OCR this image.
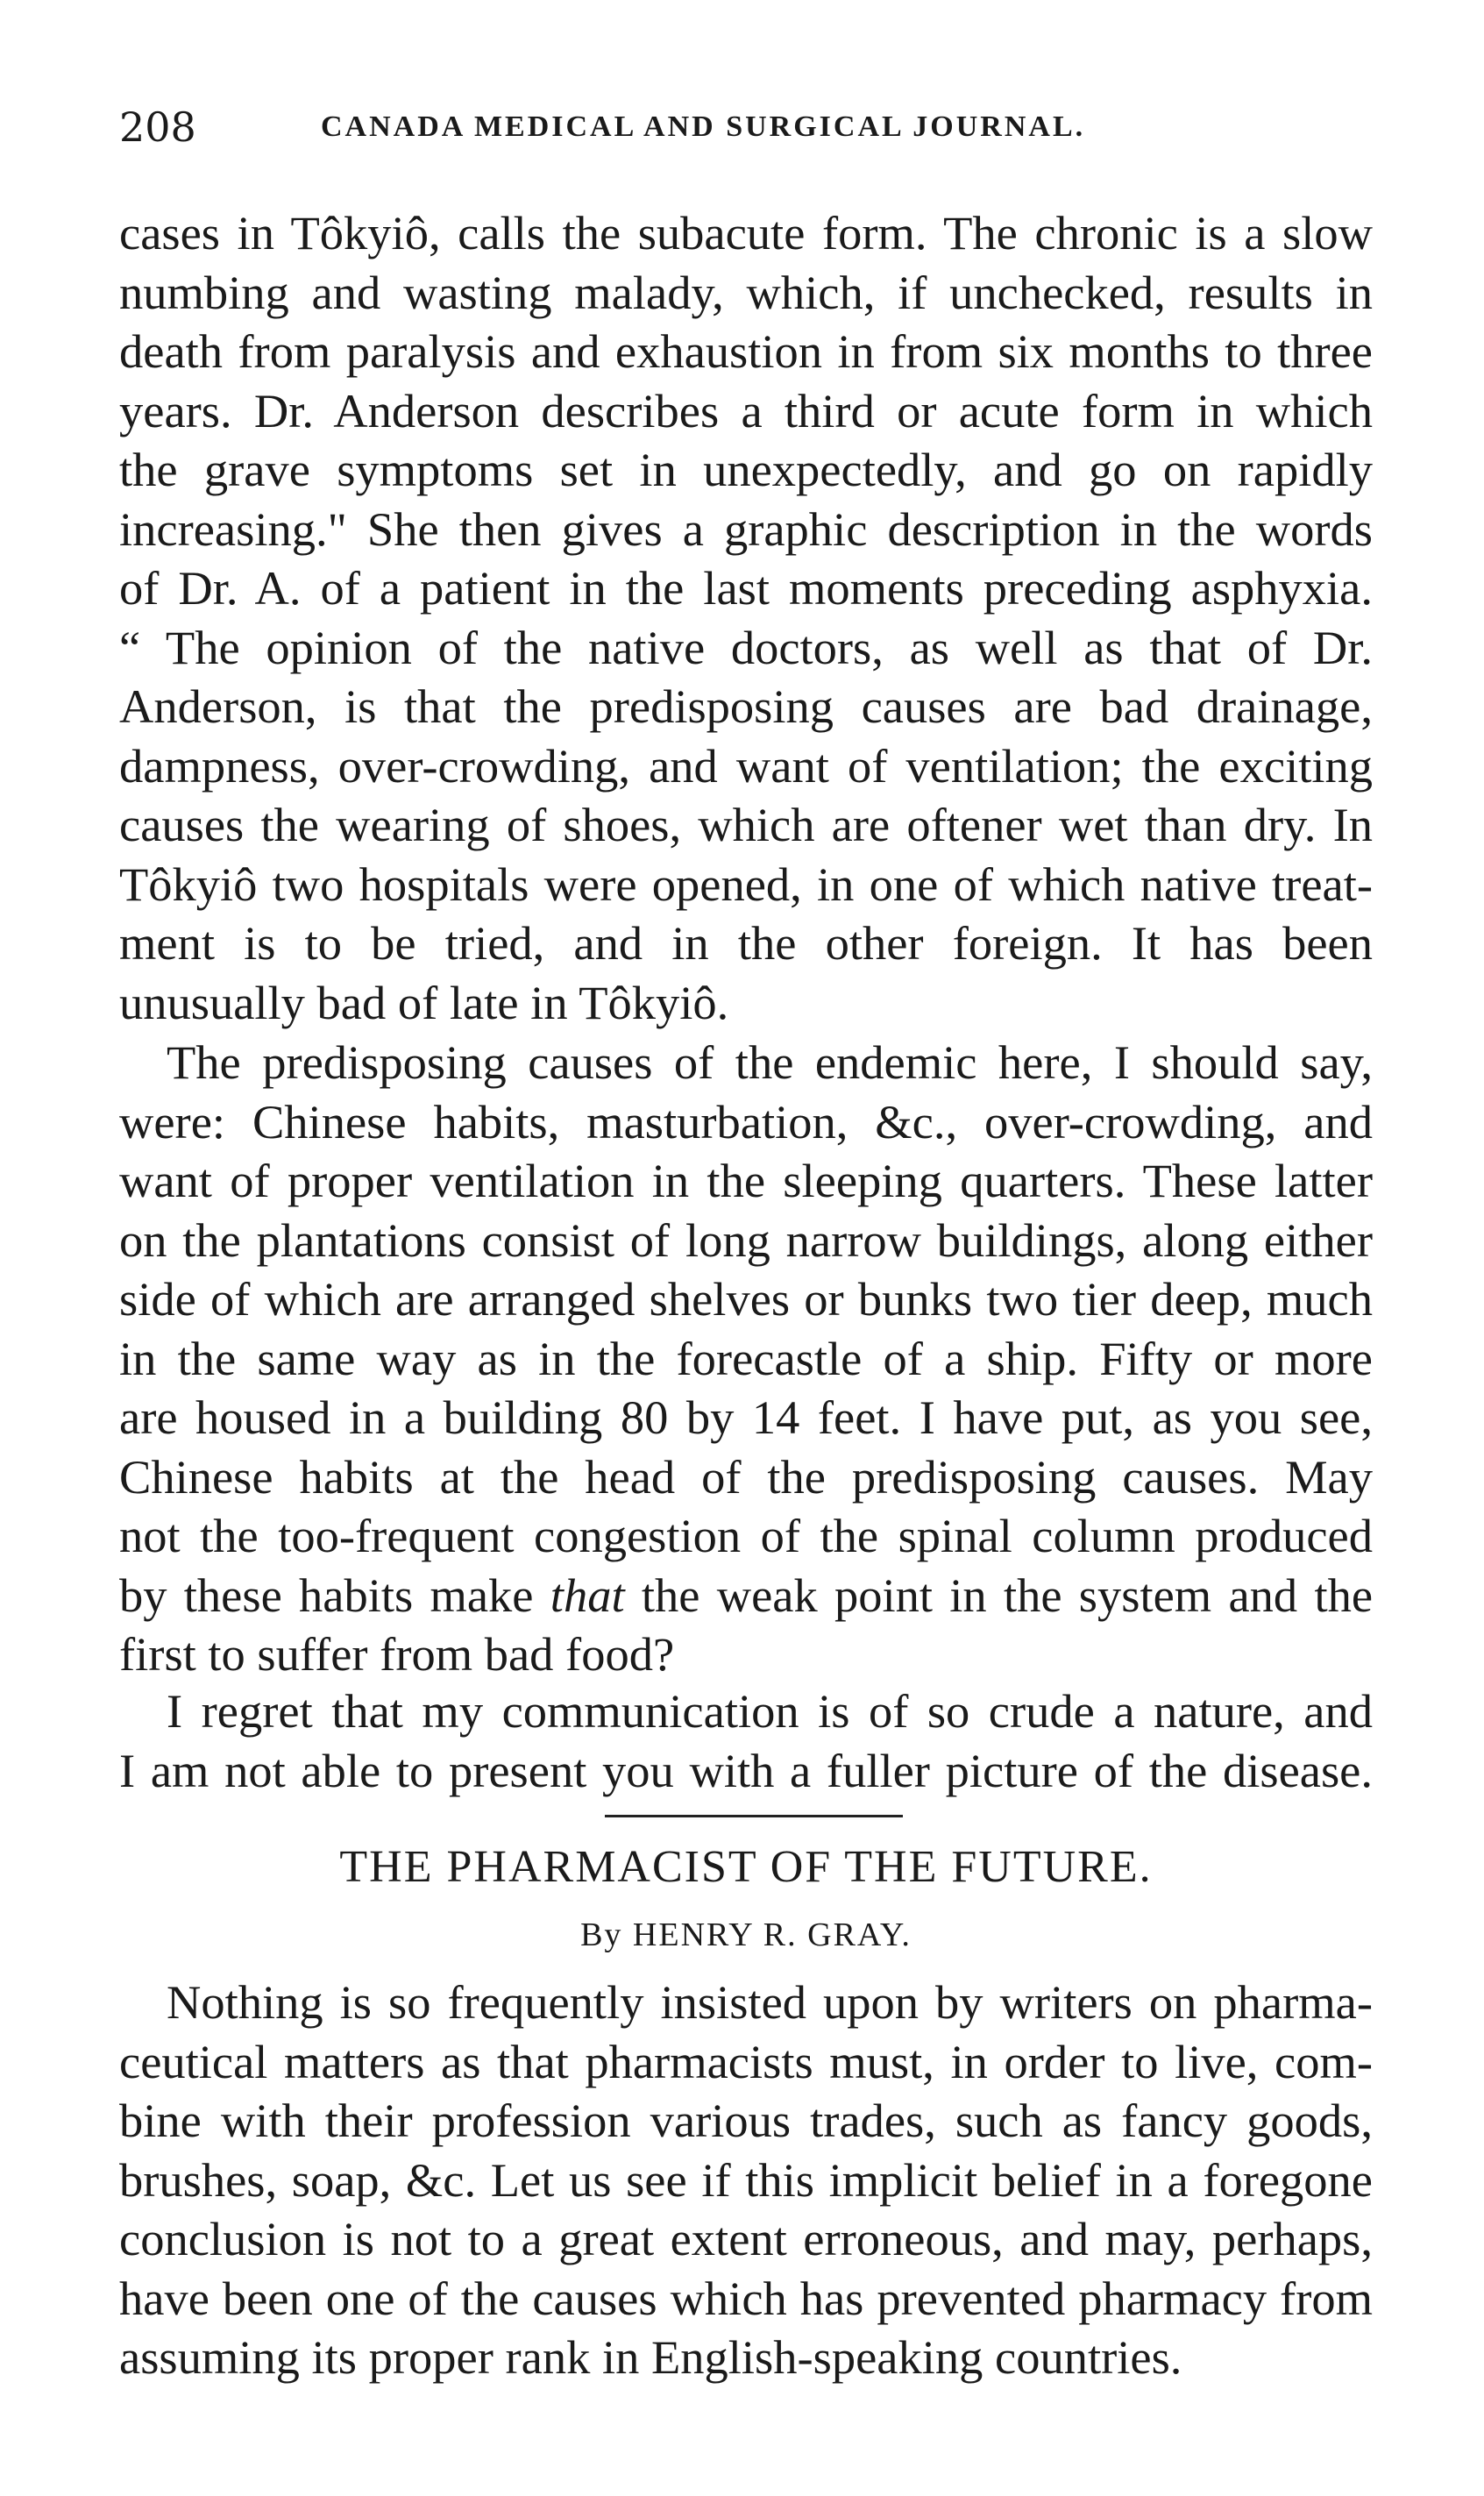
208	CANADA MEDICAL AND SURGICAL JOURNAL.
cases in Tôkyiô, calls the subacute form. The chronic is a slow
numbing and wasting malady, which, if unchecked, results in
death from paralysis and exhaustion in from six months to three
years. Dr. Anderson describes a third or acute form in which
the grave symptoms set in unexpectedly, and go on rapidly
increasing." She then gives a graphic description in the words
of Dr. A. of a patient in the last moments preceding asphyxia.
“ The opinion of the native doctors, as well as that of Dr.
Anderson, is that the predisposing causes are bad drainage,
dampness, over-crowding, and want of ventilation; the exciting
causes the wearing of shoes, which are oftener wet than dry. In
Tôkyiô two hospitals were opened, in one of which native treat-
ment is to be tried, and in the other foreign. It has been
unusually bad of late in Tôkyiô.
The predisposing causes of the endemic here, I should say,
were: Chinese habits, masturbation, &c., over-crowding, and
want of proper ventilation in the sleeping quarters. These latter
on the plantations consist of long narrow buildings, along either
side of which are arranged shelves or bunks two tier deep, much
in the same way as in the forecastle of a ship. Fifty or more
are housed in a building 80 by 14 feet. I have put, as you see,
Chinese habits at the head of the predisposing causes. May
not the too-frequent congestion of the spinal column produced
by these habits make that the weak point in the system and the
first to suffer from bad food?
I regret that my communication is of so crude a nature, and
I am not able to present you with a fuller picture of the disease.
THE PHARMACIST OF THE FUTURE.
By HENRY R. GRAY.
Nothing is so frequently insisted upon by writers on pharma-
ceutical matters as that pharmacists must, in order to live, com-
bine with their profession various trades, such as fancy goods,
brushes, soap, &c. Let us see if this implicit belief in a foregone
conclusion is not to a great extent erroneous, and may, perhaps,
have been one of the causes which has prevented pharmacy from
assuming its proper rank in English-speaking countries.
